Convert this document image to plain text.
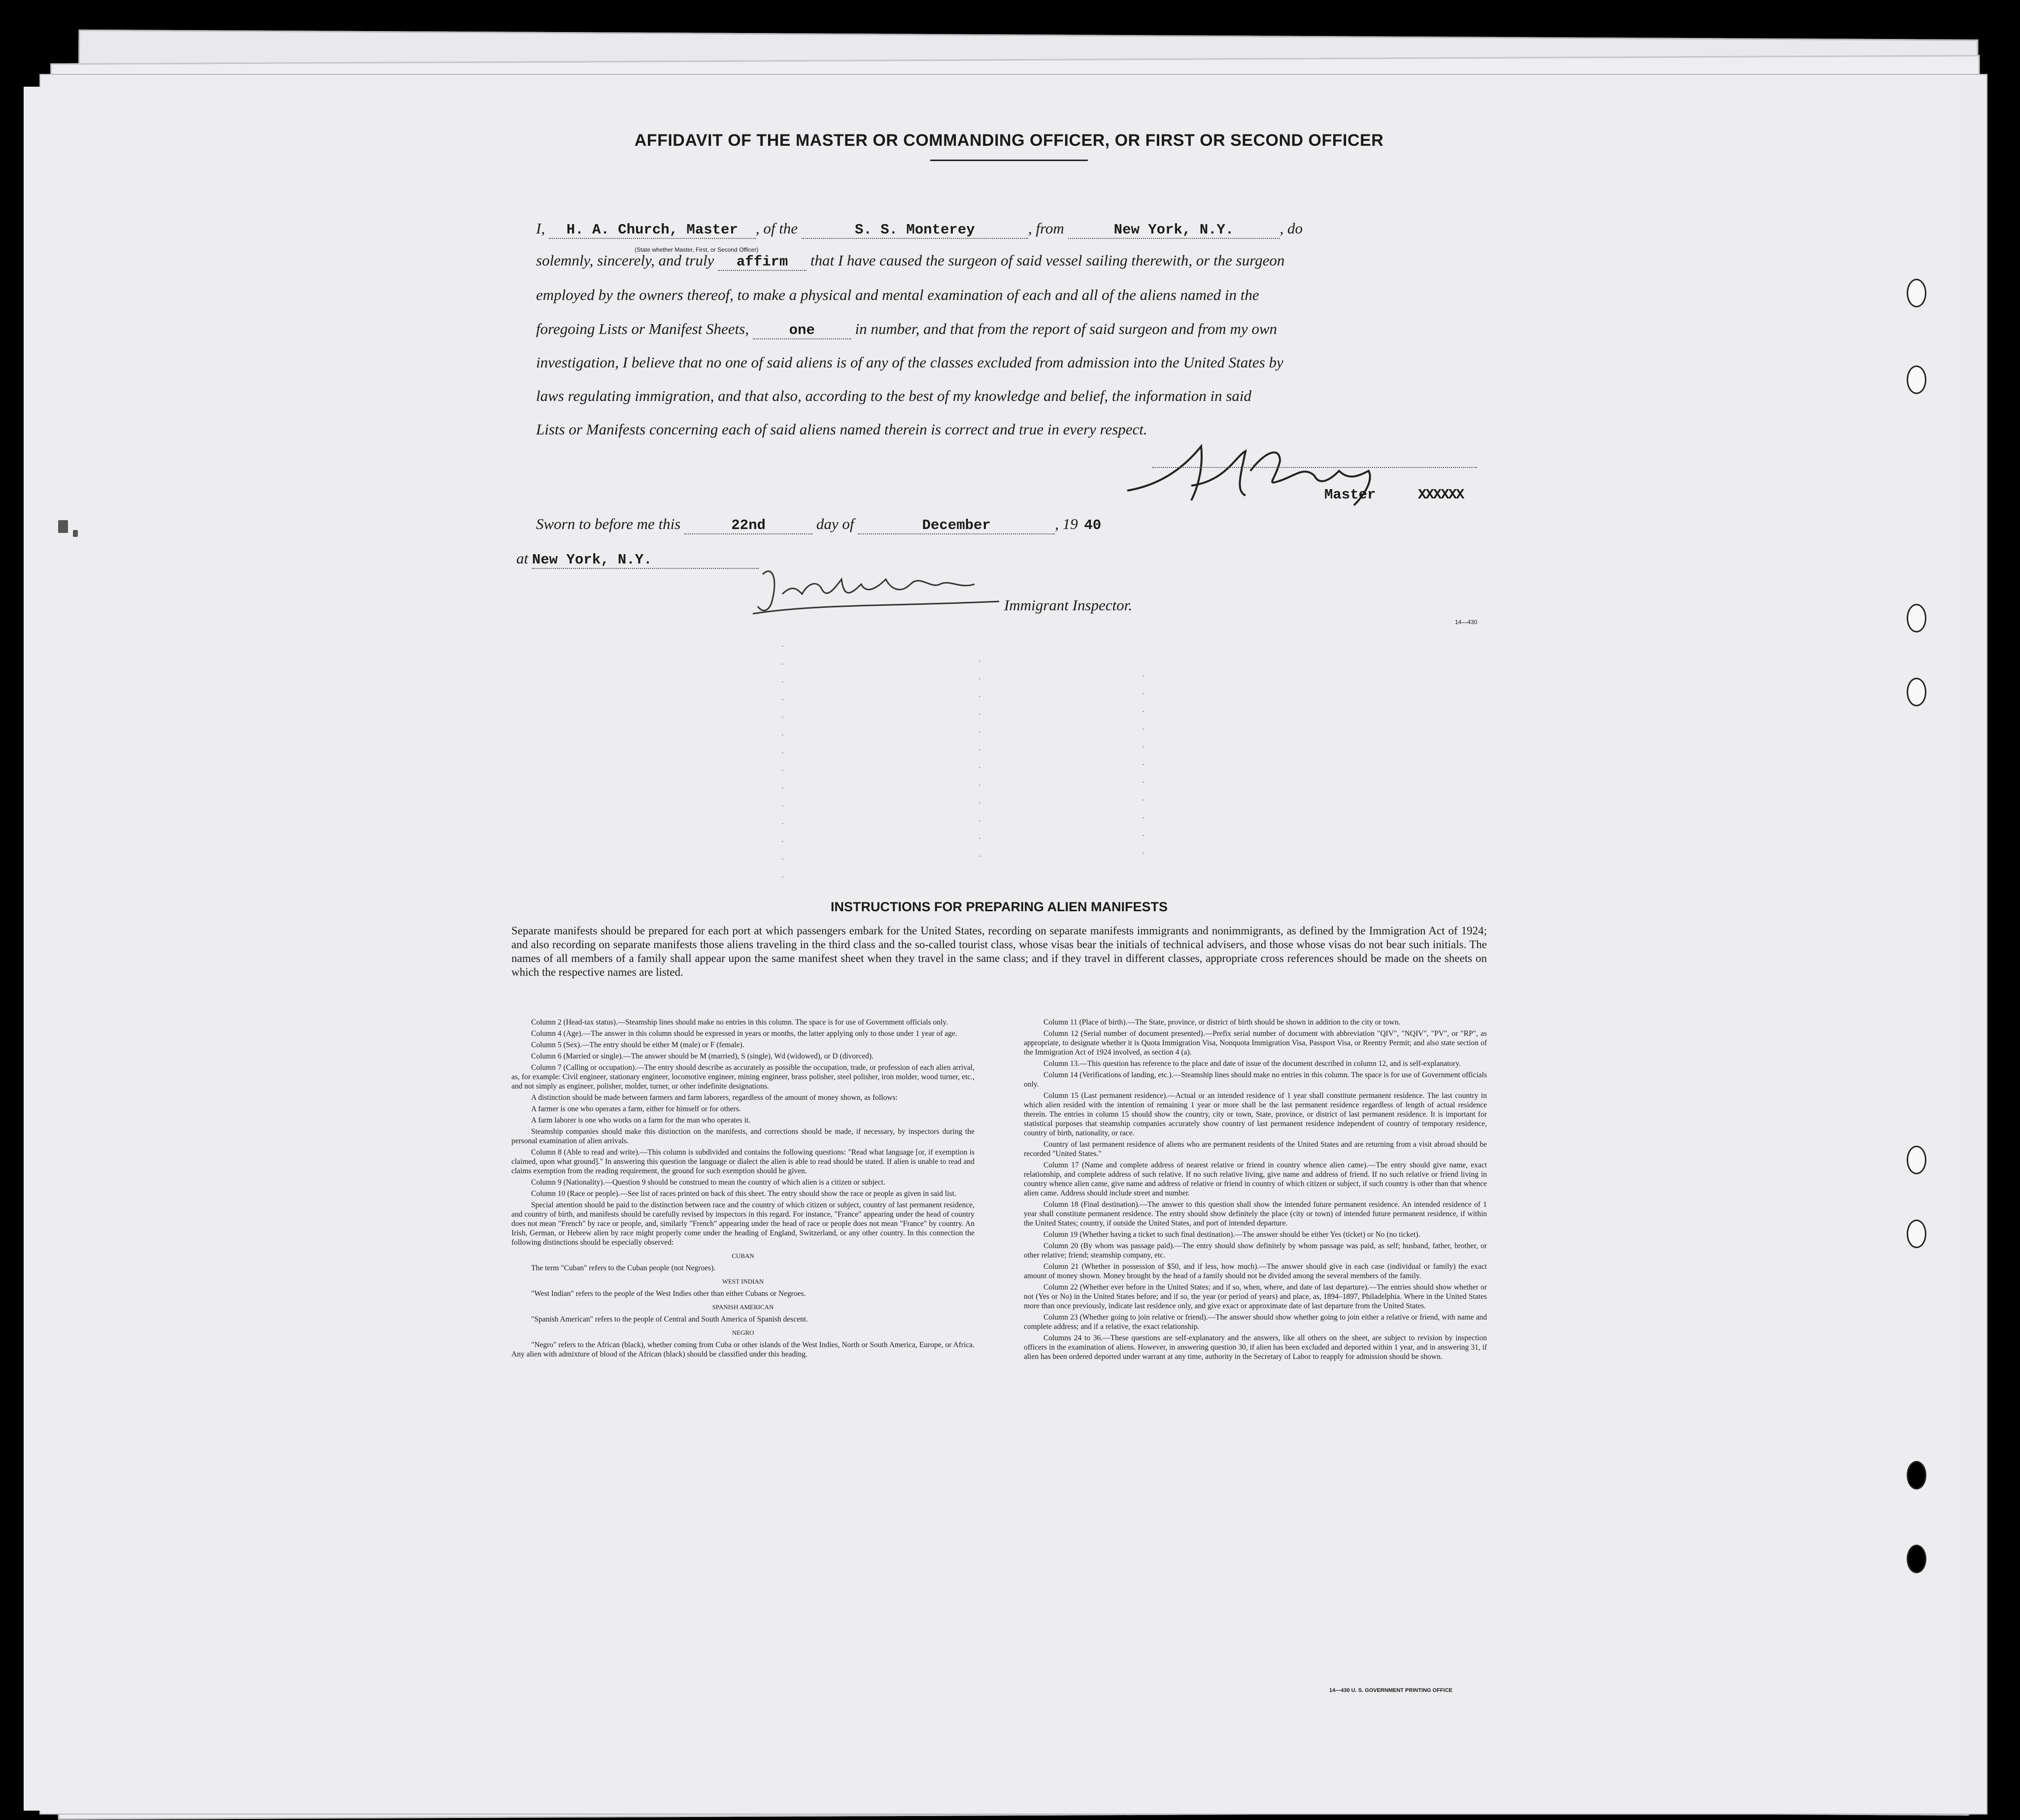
AFFIDAVIT OF THE MASTER OR COMMANDING OFFICER, OR FIRST OR SECOND OFFICER
I, H. A. Church, Master , of the	S. S. Monterey	, from	New York, N.Y.	, do
(State whether Master, First, or Second Officer)
solemnly, sincerely, and truly affirm that I have caused the surgeon of said vessel sailing therewith, or the surgeon
employed by the owners thereof, to make a physical and mental examination of each and all of the aliens named in the
foregoing Lists or Manifest Sheets,	one	in number, and that from the report of said surgeon and from my own
investigation, I believe that no one of said aliens is of any of the classes excluded from admission into the United States by
laws regulating immigration, and that also, according to the best of my knowledge and belief, the information in said
Lists or Manifests concerning each of said aliens named therein is correct and true in every respect.
Master	XXXXXX
Sworn to before me this	22nd	day of	December	, 19 40
at New York, N.Y.
Immigrant Inspector.
14—430
·
·
·
·
·
·
·
·
·
·
·
·
·
·
·
·
·
·
·
·
·
·
·
·
·
·
·
·
·
·
·
·
·
·
·
·
·
INSTRUCTIONS FOR PREPARING ALIEN MANIFESTS
Separate manifests should be prepared for each port at which passengers embark for the United States, recording on separate manifests immigrants and nonimmigrants, as defined by the Immigration Act of 1924; and also recording on separate manifests those aliens traveling in the third class and the so-called tourist class, whose visas bear the initials of technical advisers, and those whose visas do not bear such initials. The names of all members of a family shall appear upon the same manifest sheet when they travel in the same class; and if they travel in different classes, appropriate cross references should be made on the sheets on which the respective names are listed.

Column 2 (Head-tax status).—Steamship lines should make no entries in this column. The space is for use of Government officials only.

Column 4 (Age).—The answer in this column should be expressed in years or months, the latter applying only to those under 1 year of age.

Column 5 (Sex).—The entry should be either M (male) or F (female).

Column 6 (Married or single).—The answer should be M (married), S (single), Wd (widowed), or D (divorced).

Column 7 (Calling or occupation).—The entry should describe as accurately as possible the occupation, trade, or profession of each alien arrival, as, for example: Civil engineer, stationary engineer, locomotive engineer, mining engineer, brass polisher, steel polisher, iron molder, wood turner, etc., and not simply as engineer, polisher, molder, turner, or other indefinite designations.

A distinction should be made between farmers and farm laborers, regardless of the amount of money shown, as follows:

A farmer is one who operates a farm, either for himself or for others.

A farm laborer is one who works on a farm for the man who operates it.

Steamship companies should make this distinction on the manifests, and corrections should be made, if necessary, by inspectors during the personal examination of alien arrivals.

Column 8 (Able to read and write).—This column is subdivided and contains the following questions: "Read what language [or, if exemption is claimed, upon what ground]." In answering this question the language or dialect the alien is able to read should be stated. If alien is unable to read and claims exemption from the reading requirement, the ground for such exemption should be given.

Column 9 (Nationality).—Question 9 should be construed to mean the country of which alien is a citizen or subject.

Column 10 (Race or people).—See list of races printed on back of this sheet. The entry should show the race or people as given in said list.

Special attention should be paid to the distinction between race and the country of which citizen or subject, country of last permanent residence, and country of birth, and manifests should be carefully revised by inspectors in this regard. For instance, "France" appearing under the head of country does not mean "French" by race or people, and, similarly "French" appearing under the head of race or people does not mean "France" by country. An Irish, German, or Hebrew alien by race might properly come under the heading of England, Switzerland, or any other country. In this connection the following distinctions should be especially observed:

CUBAN

The term "Cuban" refers to the Cuban people (not Negroes).

WEST INDIAN

"West Indian" refers to the people of the West Indies other than either Cubans or Negroes.

SPANISH AMERICAN

"Spanish American" refers to the people of Central and South America of Spanish descent.

NEGRO

"Negro" refers to the African (black), whether coming from Cuba or other islands of the West Indies, North or South America, Europe, or Africa. Any alien with admixture of blood of the African (black) should be classified under this heading.

Column 11 (Place of birth).—The State, province, or district of birth should be shown in addition to the city or town.

Column 12 (Serial number of document presented).—Prefix serial number of document with abbreviation "QIV", "NQIV", "PV", or "RP", as appropriate, to designate whether it is Quota Immigration Visa, Nonquota Immigration Visa, Passport Visa, or Reentry Permit; and also state section of the Immigration Act of 1924 involved, as section 4 (a).

Column 13.—This question has reference to the place and date of issue of the document described in column 12, and is self-explanatory.

Column 14 (Verifications of landing, etc.).—Steamship lines should make no entries in this column. The space is for use of Government officials only.

Column 15 (Last permanent residence).—Actual or an intended residence of 1 year shall constitute permanent residence. The last country in which alien resided with the intention of remaining 1 year or more shall be the last permanent residence regardless of length of actual residence therein. The entries in column 15 should show the country, city or town, State, province, or district of last permanent residence. It is important for statistical purposes that steamship companies accurately show country of last permanent residence independent of country of temporary residence, country of birth, nationality, or race.

Country of last permanent residence of aliens who are permanent residents of the United States and are returning from a visit abroad should be recorded "United States."

Column 17 (Name and complete address of nearest relative or friend in country whence alien came).—The entry should give name, exact relationship, and complete address of such relative. If no such relative living, give name and address of friend. If no such relative or friend living in country whence alien came, give name and address of relative or friend in country of which citizen or subject, if such country is other than that whence alien came. Address should include street and number.

Column 18 (Final destination).—The answer to this question shall show the intended future permanent residence. An intended residence of 1 year shall constitute permanent residence. The entry should show definitely the place (city or town) of intended future permanent residence, if within the United States; country, if outside the United States, and port of intended departure.

Column 19 (Whether having a ticket to such final destination).—The answer should be either Yes (ticket) or No (no ticket).

Column 20 (By whom was passage paid).—The entry should show definitely by whom passage was paid, as self; husband, father, brother, or other relative; friend; steamship company, etc.

Column 21 (Whether in possession of $50, and if less, how much).—The answer should give in each case (individual or family) the exact amount of money shown. Money brought by the head of a family should not be divided among the several members of the family.

Column 22 (Whether ever before in the United States; and if so, when, where, and date of last departure).—The entries should show whether or not (Yes or No) in the United States before; and if so, the year (or period of years) and place, as, 1894–1897, Philadelphia. Where in the United States more than once previously, indicate last residence only, and give exact or approximate date of last departure from the United States.

Column 23 (Whether going to join relative or friend).—The answer should show whether going to join either a relative or friend, with name and complete address; and if a relative, the exact relationship.

Columns 24 to 36.—These questions are self-explanatory and the answers, like all others on the sheet, are subject to revision by inspection officers in the examination of aliens. However, in answering question 30, if alien has been excluded and deported within 1 year, and in answering 31, if alien has been ordered deported under warrant at any time, authority in the Secretary of Labor to reapply for admission should be shown.

14—430 U. S. GOVERNMENT PRINTING OFFICE
